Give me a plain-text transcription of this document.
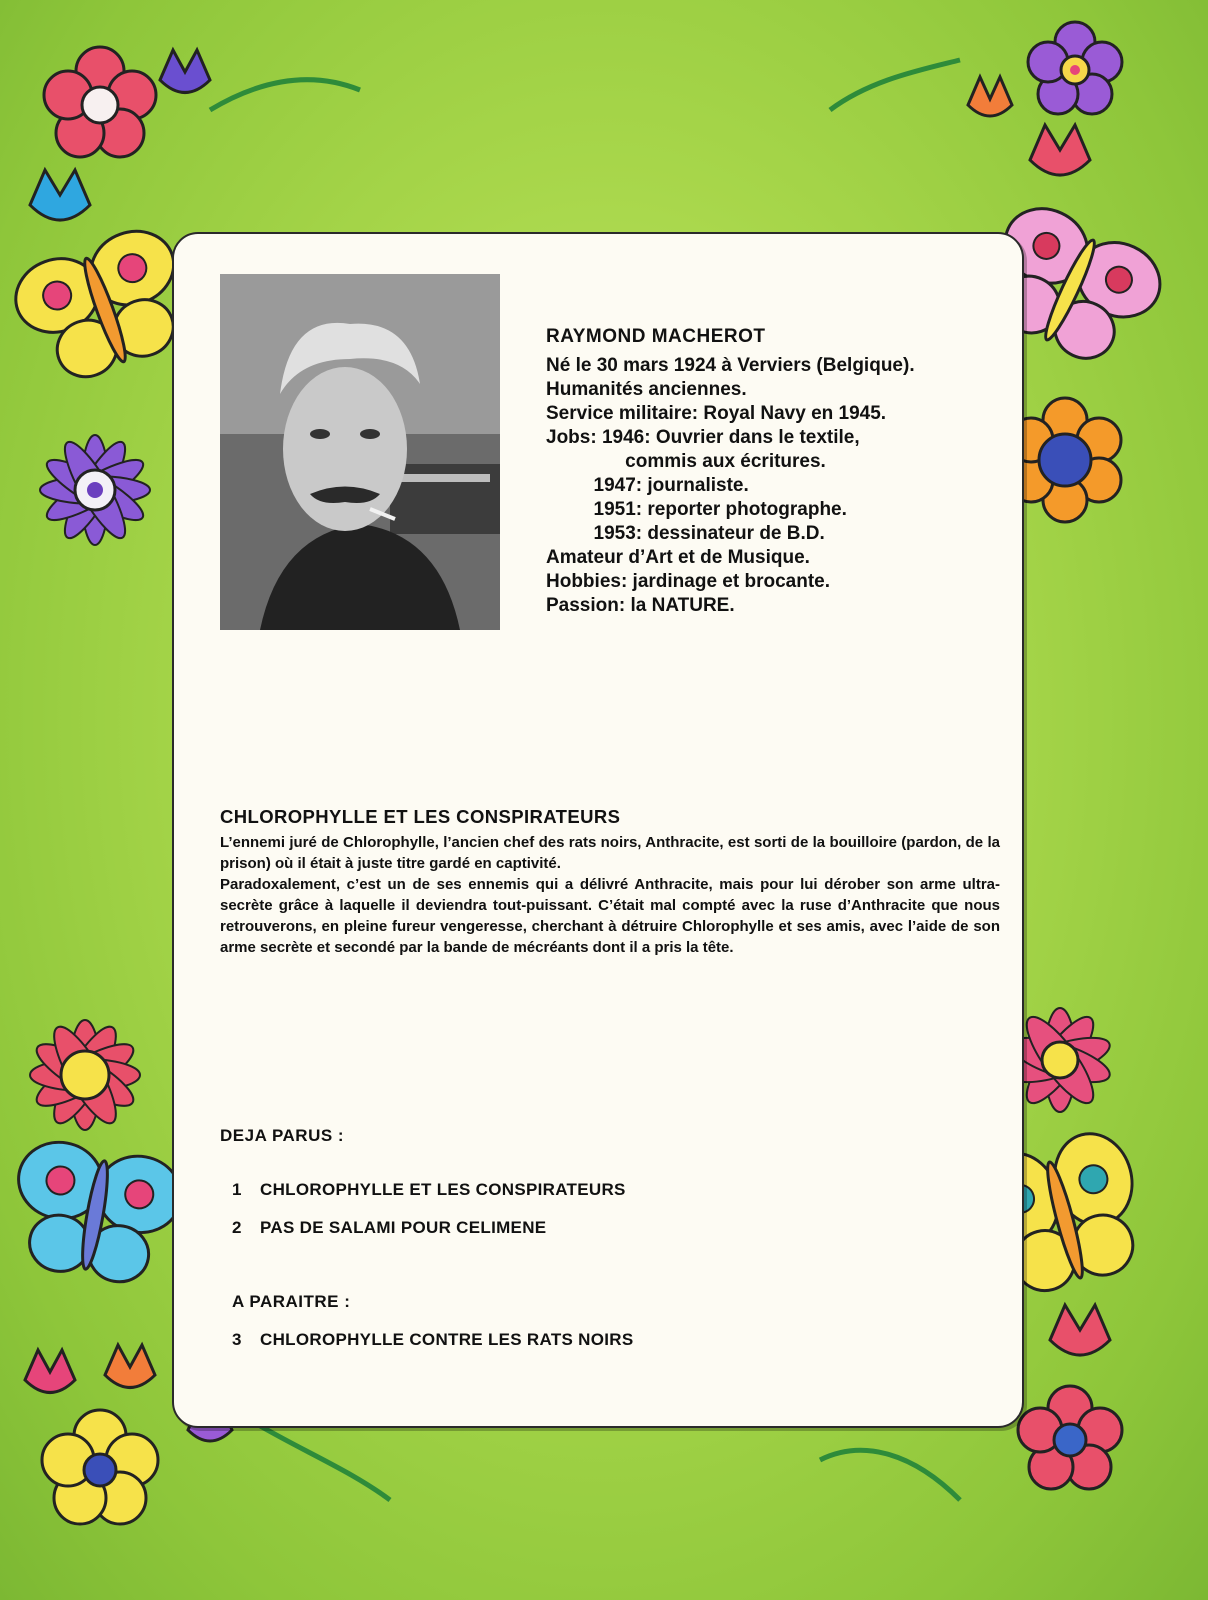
RAYMOND MACHEROT
Né le 30 mars 1924 à Verviers (Belgique).
Humanités anciennes.
Service militaire: Royal Navy en 1945.
Jobs: 1946: Ouvrier dans le textile,
commis aux écritures.
1947: journaliste.
1951: reporter photographe.
1953: dessinateur de B.D.
Amateur d’Art et de Musique.
Hobbies: jardinage et brocante.
Passion: la NATURE.
CHLOROPHYLLE ET LES CONSPIRATEURS

L’ennemi juré de Chlorophylle, l’ancien chef des rats noirs, Anthracite, est sorti de la bouilloire (pardon, de la prison) où il était à juste titre gardé en captivité.

Paradoxalement, c’est un de ses ennemis qui a délivré Anthracite, mais pour lui dérober son arme ultra-secrète grâce à laquelle il deviendra tout-puissant. C’était mal compté avec la ruse d’Anthracite que nous retrouverons, en pleine fureur vengeresse, cherchant à détruire Chlorophylle et ses amis, avec l’aide de son arme secrète et secondé par la bande de mécréants dont il a pris la tête.

DEJA PARUS :
1 CHLOROPHYLLE ET LES CONSPIRATEURS
2 PAS DE SALAMI POUR CELIMENE
A PARAITRE :
3 CHLOROPHYLLE CONTRE LES RATS NOIRS
